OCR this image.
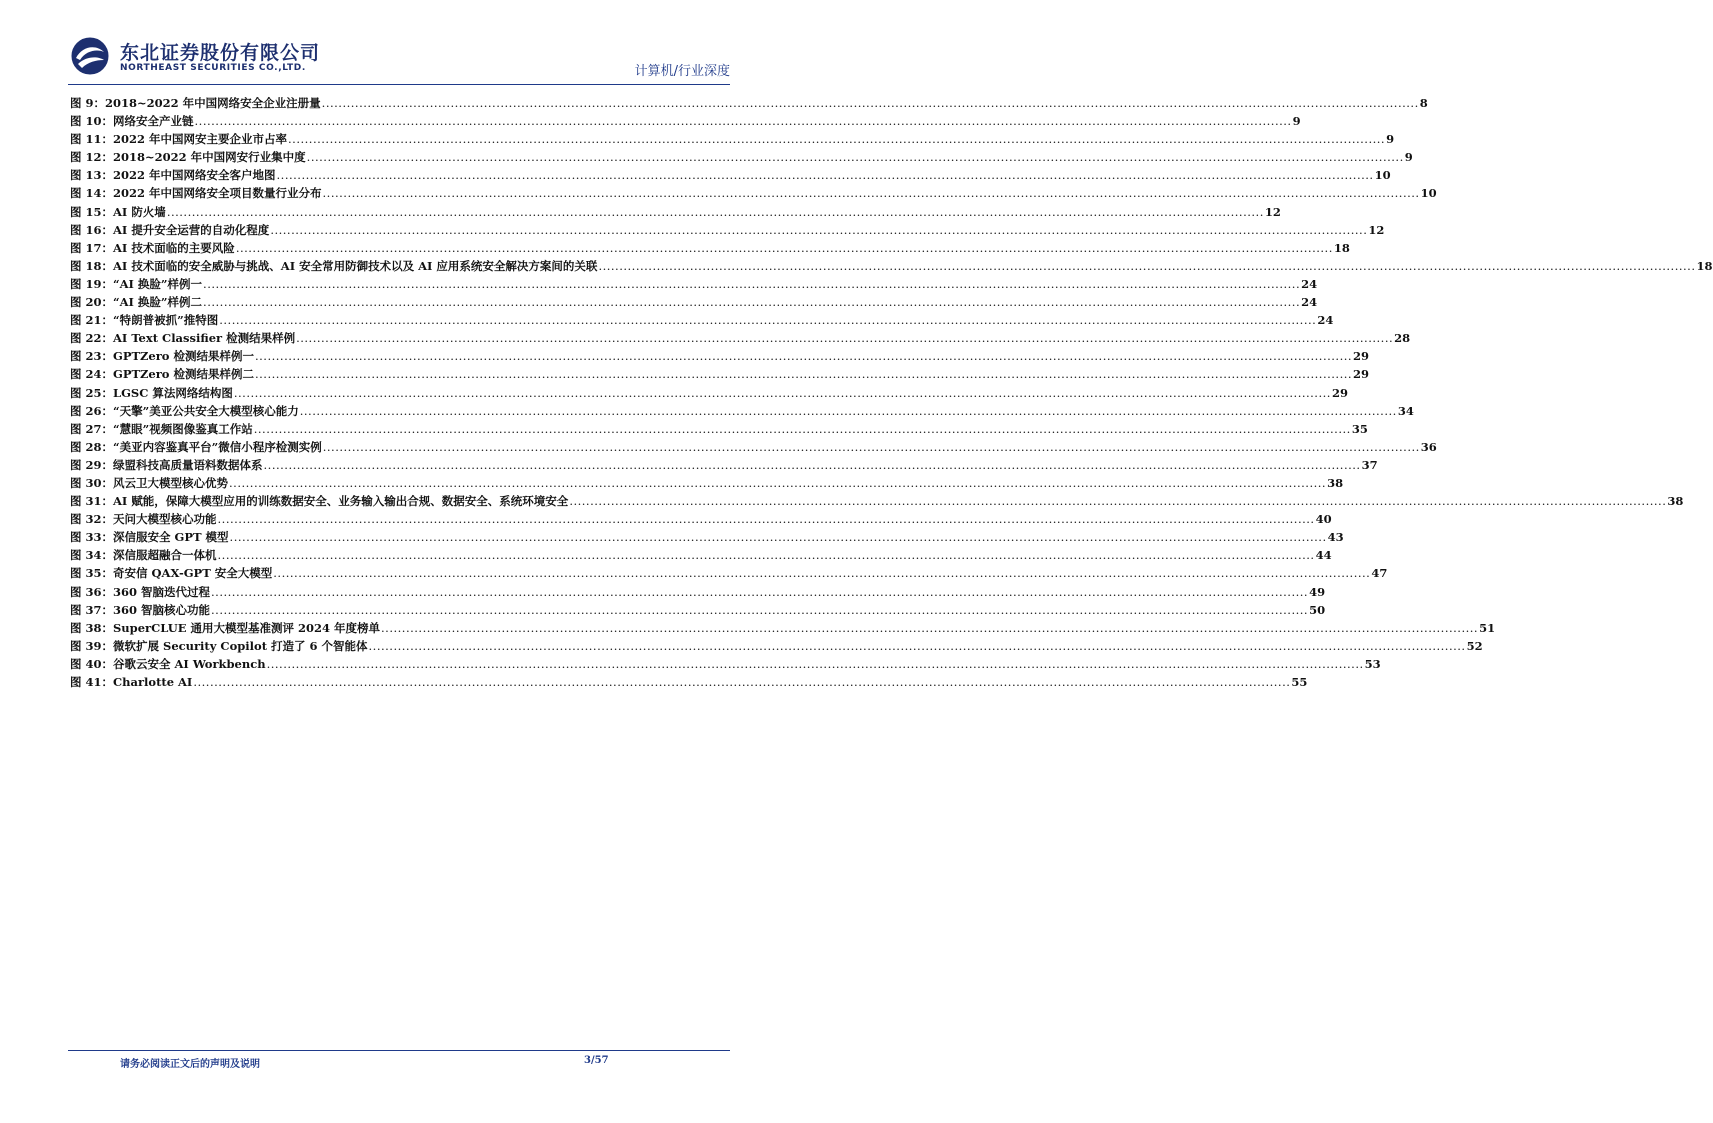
东北证券股份有限公司
NORTHEAST SECURITIES CO.,LTD.	计算机/行业深度
图 9：2018~2022 年中国网络安全企业注册量 .....	8
图 10：网络安全产业链 .....	9
图 11：2022 年中国网安主要企业市占率 .....	9
图 12：2018~2022 年中国网安行业集中度 .....	9
图 13：2022 年中国网络安全客户地图 .....	10
图 14：2022 年中国网络安全项目数量行业分布 .....	10
图 15：AI 防火墙 .....	12
图 16：AI 提升安全运营的自动化程度 .....	12
图 17：AI 技术面临的主要风险 .....	18
图 18：AI 技术面临的安全威胁与挑战、AI 安全常用防御技术以及 AI 应用系统安全解决方案间的关联 .....	18
图 19：“AI 换脸”样例一 .....	24
图 20：“AI 换脸”样例二 .....	24
图 21：“特朗普被抓”推特图 .....	24
图 22：AI Text Classifier 检测结果样例 .....	28
图 23：GPTZero 检测结果样例一 .....	29
图 24：GPTZero 检测结果样例二 .....	29
图 25：LGSC 算法网络结构图 .....	29
图 26：“天擎”美亚公共安全大模型核心能力 .....	34
图 27：“慧眼”视频图像鉴真工作站 .....	35
图 28：“美亚内容鉴真平台”微信小程序检测实例 .....	36
图 29：绿盟科技高质量语料数据体系 .....	37
图 30：风云卫大模型核心优势 .....	38
图 31：AI 赋能，保障大模型应用的训练数据安全、业务输入输出合规、数据安全、系统环境安全 .....	38
图 32：天问大模型核心功能 .....	40
图 33：深信服安全 GPT 模型 .....	43
图 34：深信服超融合一体机 .....	44
图 35：奇安信 QAX-GPT 安全大模型 .....	47
图 36：360 智脑迭代过程 .....	49
图 37：360 智脑核心功能 .....	50
图 38：SuperCLUE 通用大模型基准测评 2024 年度榜单 .....	51
图 39：微软扩展 Security Copilot 打造了 6 个智能体 .....	52
图 40：谷歌云安全 AI Workbench .....	53
图 41：Charlotte AI .....	55
请务必阅读正文后的声明及说明	3/57
